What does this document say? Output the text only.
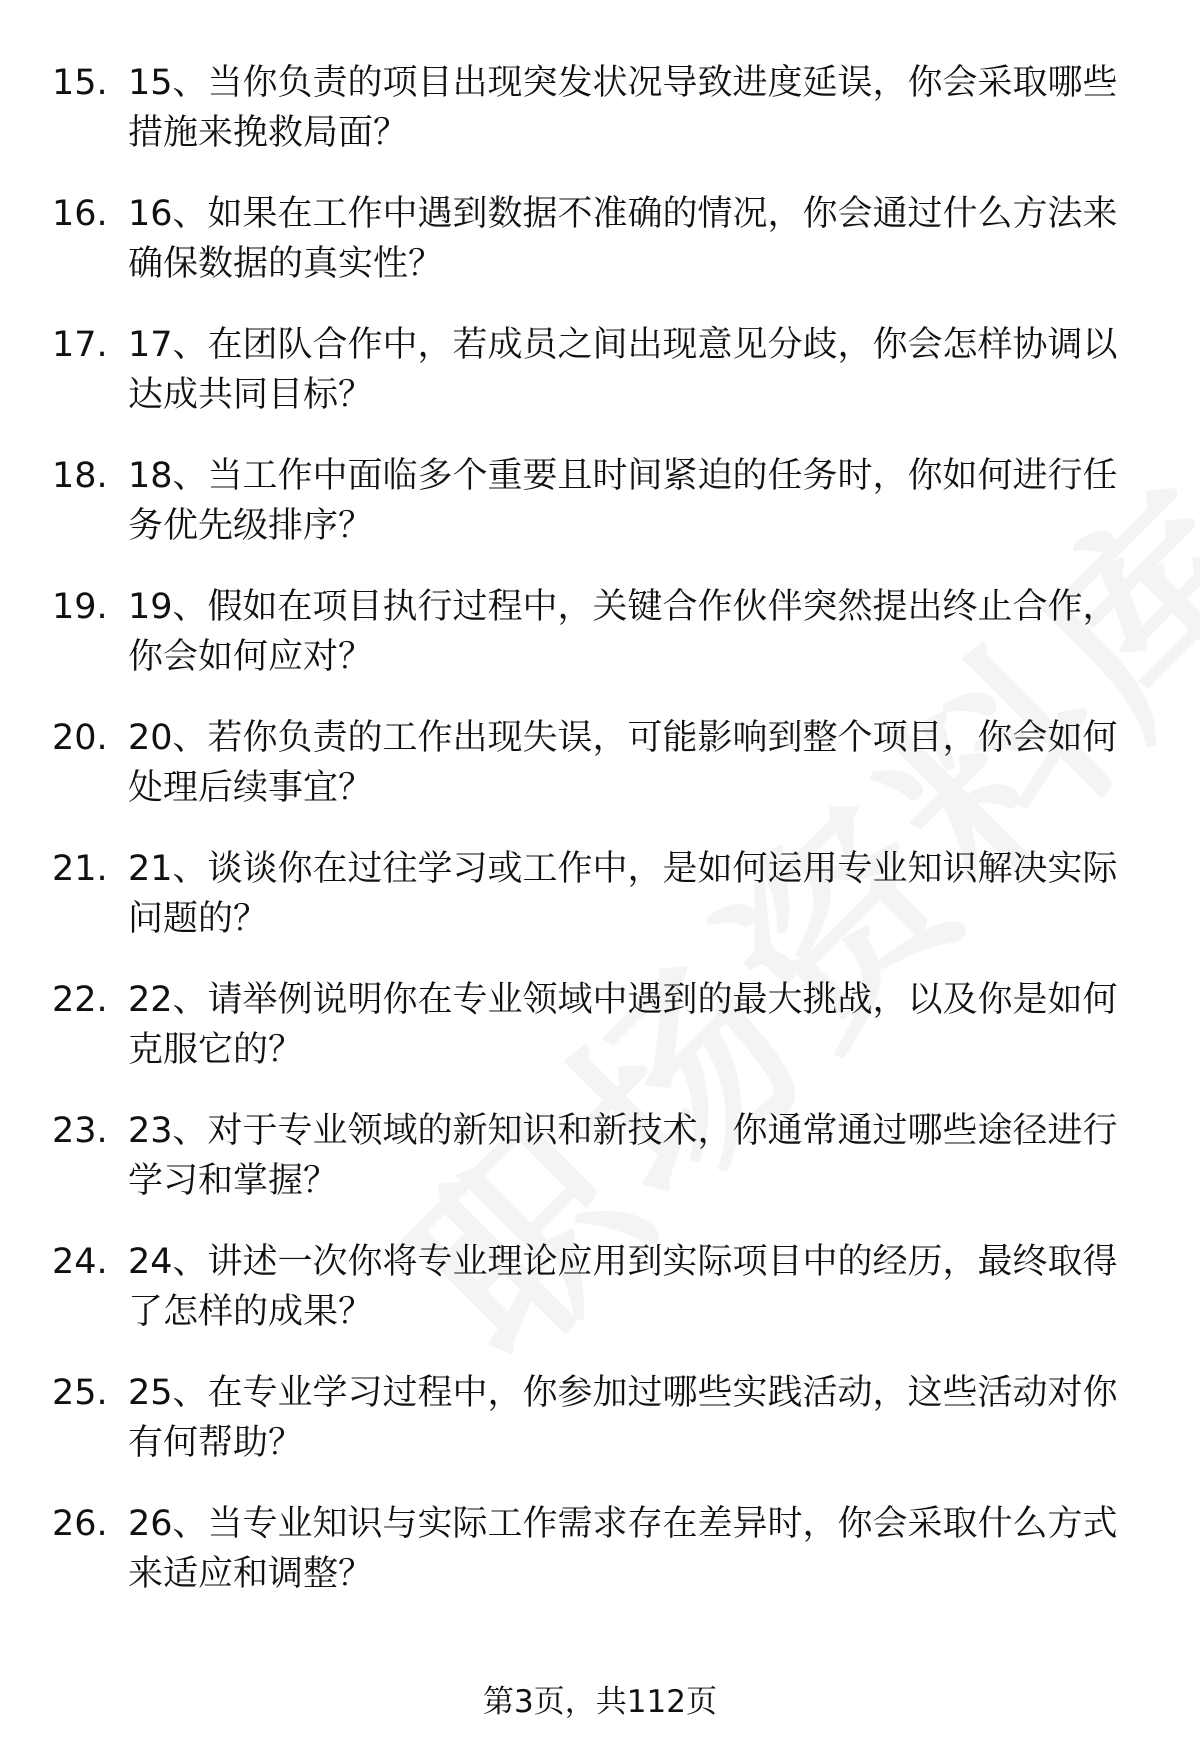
15. 15、当你负责的项目出现突发状况导致进度延误，你会采取哪些措施来挽救局面？
16. 16、如果在工作中遇到数据不准确的情况，你会通过什么方法来确保数据的真实性？
17. 17、在团队合作中，若成员之间出现意见分歧，你会怎样协调以达成共同目标？
18. 18、当工作中面临多个重要且时间紧迫的任务时，你如何进行任务优先级排序？
19. 19、假如在项目执行过程中，关键合作伙伴突然提出终止合作，你会如何应对？
20. 20、若你负责的工作出现失误，可能影响到整个项目，你会如何处理后续事宜？
21. 21、谈谈你在过往学习或工作中，是如何运用专业知识解决实际问题的？
22. 22、请举例说明你在专业领域中遇到的最大挑战，以及你是如何克服它的？
23. 23、对于专业领域的新知识和新技术，你通常通过哪些途径进行学习和掌握？
24. 24、讲述一次你将专业理论应用到实际项目中的经历，最终取得了怎样的成果？
25. 25、在专业学习过程中，你参加过哪些实践活动，这些活动对你有何帮助？
26. 26、当专业知识与实际工作需求存在差异时，你会采取什么方式来适应和调整？
第3页，共112页
